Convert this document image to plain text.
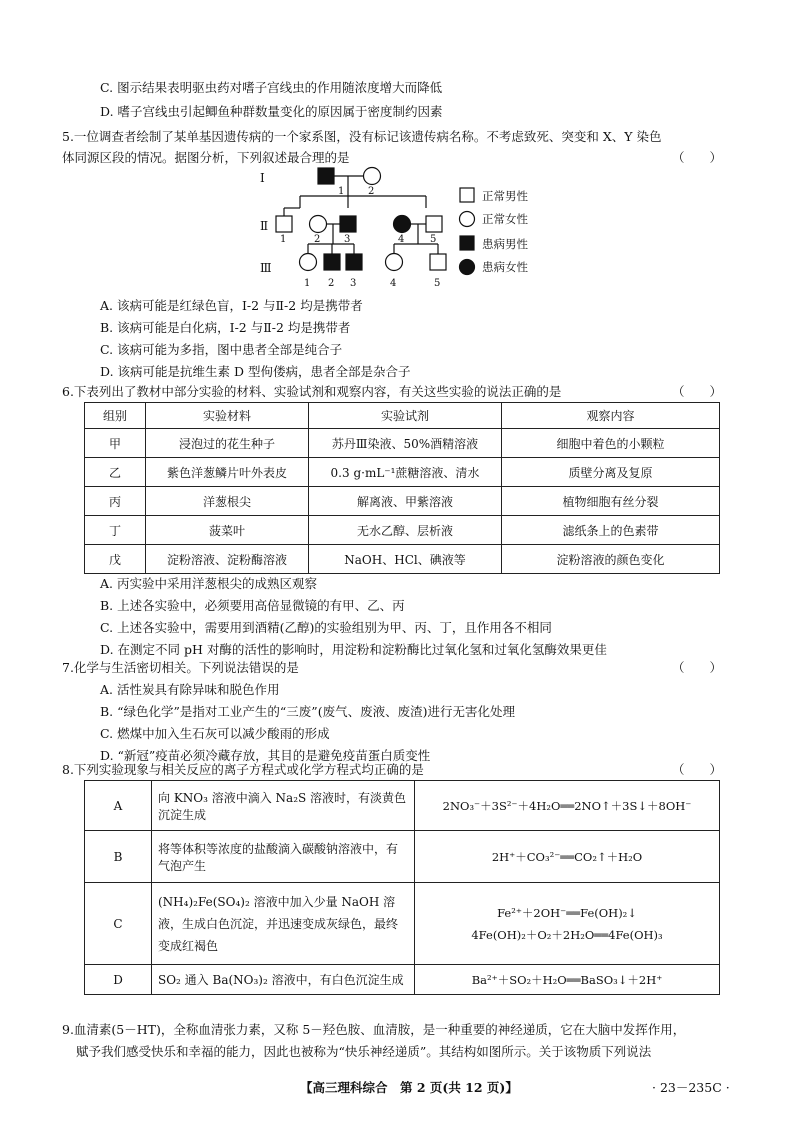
C. 图示结果表明驱虫药对嗜子宫线虫的作用随浓度增大而降低
D. 嗜子宫线虫引起鲫鱼种群数量变化的原因属于密度制约因素
5.一位调查者绘制了某单基因遗传病的一个家系图，没有标记该遗传病名称。不考虑致死、突变和 X、Y 染色
体同源区段的情况。据图分析，下列叙述最合理的是	（　　）
Ⅰ
Ⅱ
Ⅲ
1 2
1	2 3	4	5
1 2 3	4	5
正常男性
正常女性
患病男性
患病女性
A. 该病可能是红绿色盲，Ⅰ-2 与Ⅱ-2 均是携带者
B. 该病可能是白化病，Ⅰ-2 与Ⅱ-2 均是携带者
C. 该病可能为多指，图中患者全部是纯合子
D. 该病可能是抗维生素 D 型佝偻病，患者全部是杂合子
6.下表列出了教材中部分实验的材料、实验试剂和观察内容，有关这些实验的说法正确的是	（　　）
组别	实验材料	实验试剂	观察内容
甲	浸泡过的花生种子	苏丹Ⅲ染液、50%酒精溶液	细胞中着色的小颗粒
乙	紫色洋葱鳞片叶外表皮	0.3 g·mL⁻¹蔗糖溶液、清水	质壁分离及复原
丙	洋葱根尖	解离液、甲紫溶液	植物细胞有丝分裂
丁	菠菜叶	无水乙醇、层析液	滤纸条上的色素带
戊	淀粉溶液、淀粉酶溶液	NaOH、HCl、碘液等	淀粉溶液的颜色变化
A. 丙实验中采用洋葱根尖的成熟区观察
B. 上述各实验中，必须要用高倍显微镜的有甲、乙、丙
C. 上述各实验中，需要用到酒精(乙醇)的实验组别为甲、丙、丁，且作用各不相同
D. 在测定不同 pH 对酶的活性的影响时，用淀粉和淀粉酶比过氧化氢和过氧化氢酶效果更佳
7.化学与生活密切相关。下列说法错误的是	（　　）
A. 活性炭具有除异味和脱色作用
B. “绿色化学”是指对工业产生的“三废”(废气、废液、废渣)进行无害化处理
C. 燃煤中加入生石灰可以减少酸雨的形成
D. “新冠”疫苗必须冷藏存放，其目的是避免疫苗蛋白质变性
8.下列实验现象与相关反应的离子方程式或化学方程式均正确的是	（　　）
A	向 KNO₃ 溶液中滴入 Na₂S 溶液时，有淡黄色沉淀生成	2NO₃⁻＋3S²⁻＋4H₂O══2NO↑＋3S↓＋8OH⁻
B	将等体积等浓度的盐酸滴入碳酸钠溶液中，有气泡产生	2H⁺＋CO₃²⁻══CO₂↑＋H₂O
C	(NH₄)₂Fe(SO₄)₂ 溶液中加入少量 NaOH 溶液，生成白色沉淀，并迅速变成灰绿色，最终变成红褐色	Fe²⁺＋2OH⁻══Fe(OH)₂↓
4Fe(OH)₂＋O₂＋2H₂O══4Fe(OH)₃

D	SO₂ 通入 Ba(NO₃)₂ 溶液中，有白色沉淀生成	Ba²⁺＋SO₂＋H₂O══BaSO₃↓＋2H⁺
9.血清素(5－HT)，全称血清张力素，又称 5－羟色胺、血清胺，是一种重要的神经递质，它在大脑中发挥作用，
赋予我们感受快乐和幸福的能力，因此也被称为“快乐神经递质”。其结构如图所示。关于该物质下列说法
【高三理科综合　第 2 页(共 12 页)】	· 23－235C ·
